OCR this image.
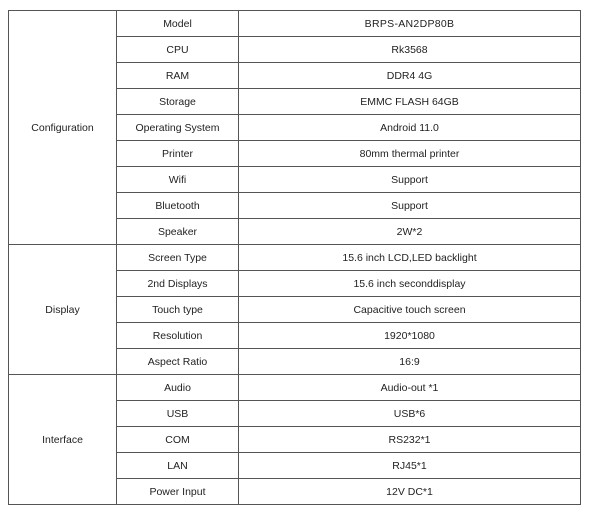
Configuration	Model	BRPS-AN2DP80B
	CPU	Rk3568
	RAM	DDR4 4G
	Storage	EMMC FLASH 64GB
	Operating System	Android 11.0
	Printer	80mm thermal printer
	Wifi	Support
	Bluetooth	Support
	Speaker	2W*2
Display	Screen Type	15.6 inch LCD,LED backlight
	2nd Displays	15.6 inch seconddisplay
	Touch type	Capacitive touch screen
	Resolution	1920*1080
	Aspect Ratio	16:9
Interface	Audio	Audio-out *1
	USB	USB*6
	COM	RS232*1
	LAN	RJ45*1
	Power Input	12V DC*1
